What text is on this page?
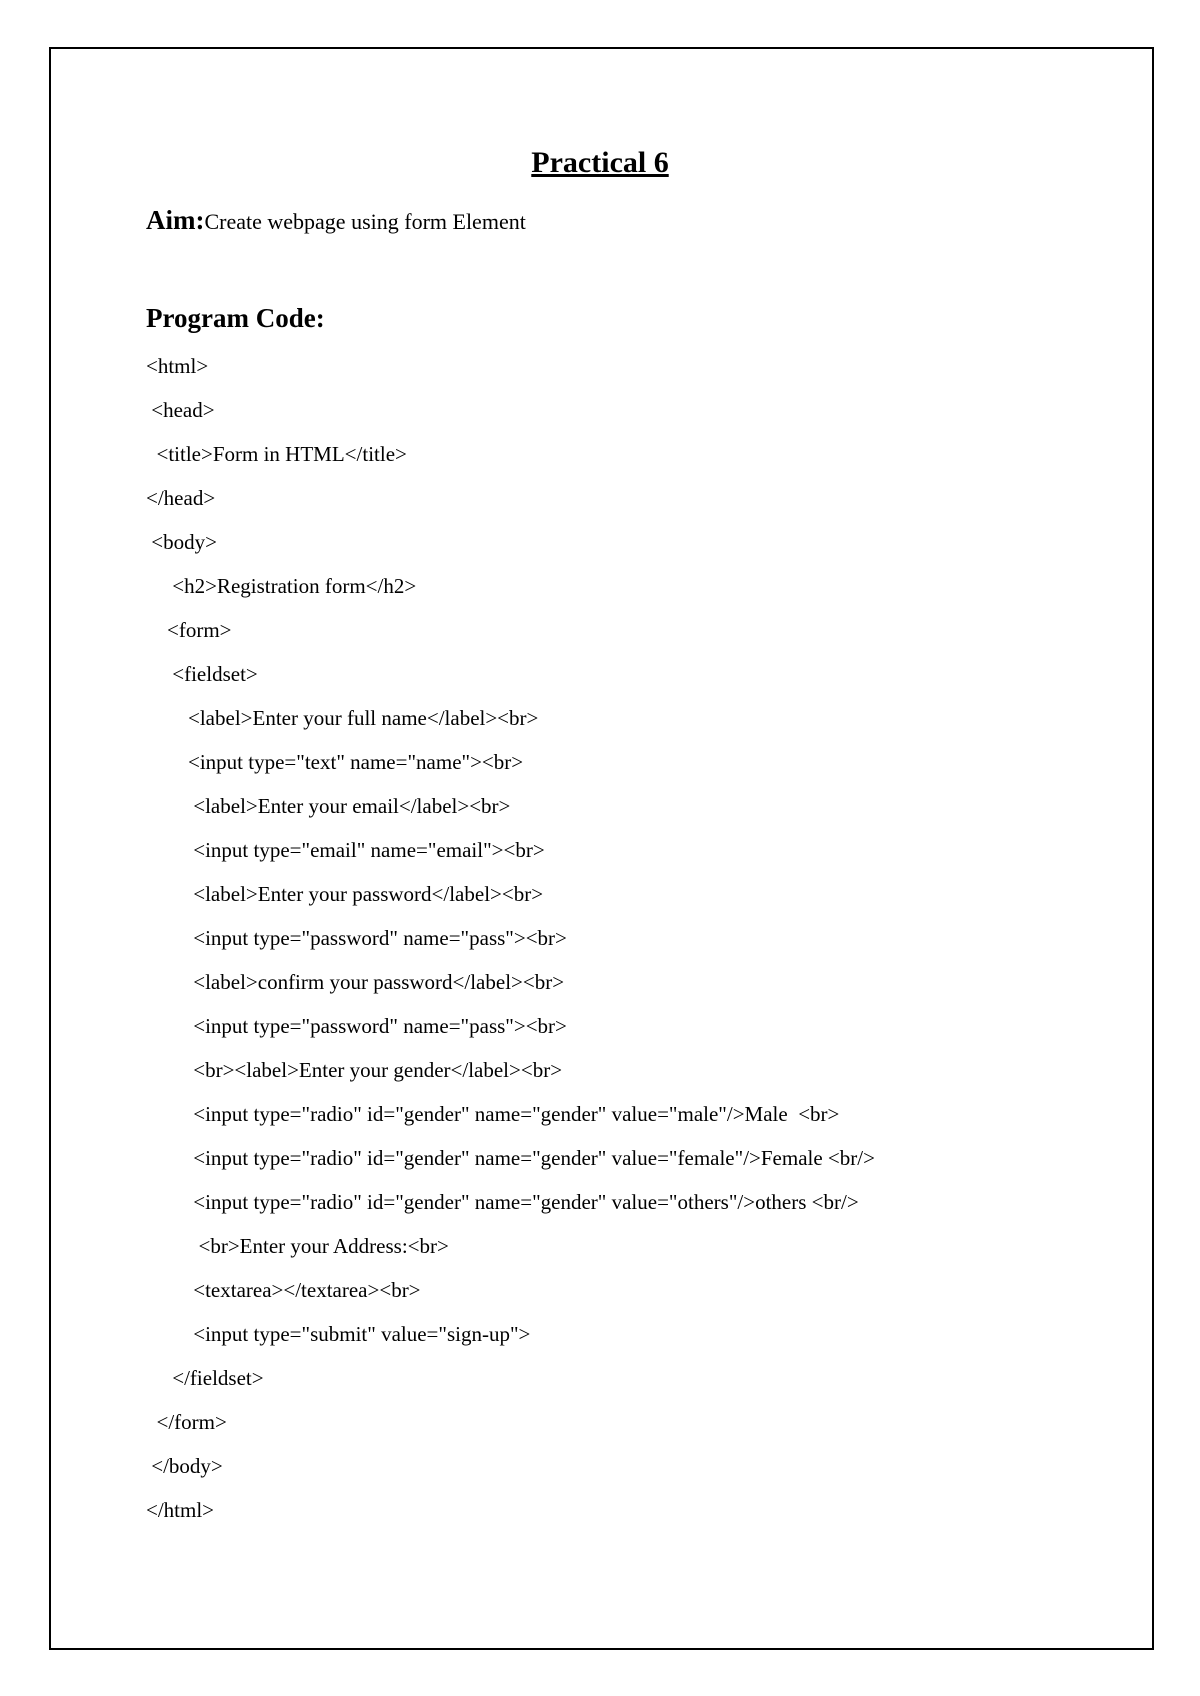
Practical 6
Aim:Create webpage using form Element
Program Code:
<html>
<head>
<title>Form in HTML</title>
</head>
<body>
<h2>Registration form</h2>
<form>
<fieldset>
<label>Enter your full name</label><br>
<input type="text" name="name"><br>
<label>Enter your email</label><br>
<input type="email" name="email"><br>
<label>Enter your password</label><br>
<input type="password" name="pass"><br>
<label>confirm your password</label><br>
<input type="password" name="pass"><br>
<br><label>Enter your gender</label><br>
<input type="radio" id="gender" name="gender" value="male"/>Male  <br>
<input type="radio" id="gender" name="gender" value="female"/>Female <br/>
<input type="radio" id="gender" name="gender" value="others"/>others <br/>
<br>Enter your Address:<br>
<textarea></textarea><br>
<input type="submit" value="sign-up">
</fieldset>
</form>
</body>
</html>
